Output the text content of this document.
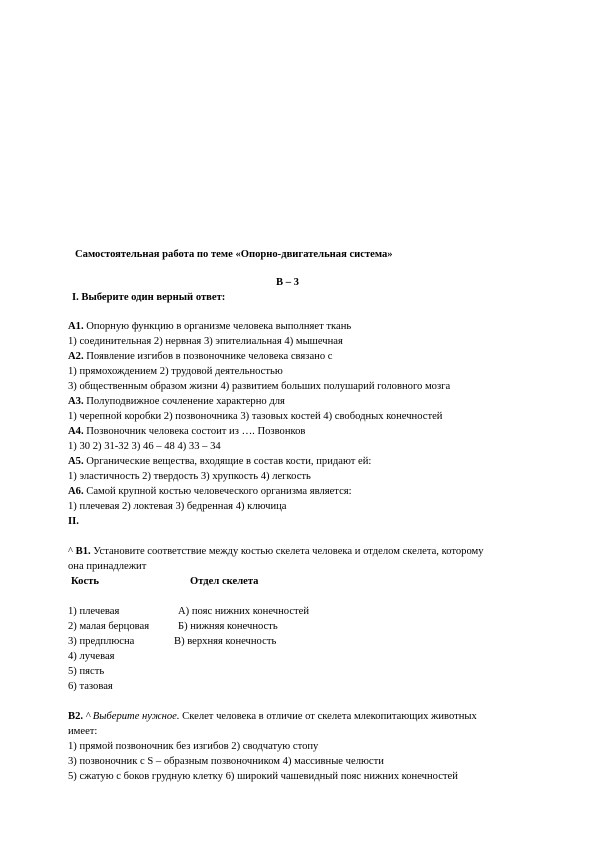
Самостоятельная работа по теме «Опорно-двигательная система»
В – 3
I. Выберите один верный ответ:
А1. Опорную функцию в организме человека выполняет ткань
1) соединительная 2) нервная 3) эпителиальная 4) мышечная
А2. Появление изгибов в позвоночнике человека связано с
1) прямохождением 2) трудовой деятельностью
3) общественным образом жизни 4) развитием больших полушарий головного мозга
А3. Полуподвижное сочленение характерно для
1) черепной коробки 2) позвоночника 3) тазовых костей 4) свободных конечностей
А4. Позвоночник человека состоит из …. Позвонков
1) 30 2) 31-32 3) 46 – 48 4) 33 – 34
А5. Органические вещества, входящие в состав кости, придают ей:
1) эластичность 2) твердость 3) хрупкость 4) легкость
А6. Самой крупной костью человеческого организма является:
1) плечевая 2) локтевая 3) бедренная 4) ключица
II.
^ В1. Установите соответствие между костью скелета человека и отделом скелета, которому
она принадлежит
Кость	Отдел скелета
1) плечевая
2) малая берцовая
3) предплюсна
4) лучевая
5) пясть
6) тазовая
А) пояс нижних конечностей
Б) нижняя конечность
В) верхняя конечность
В2. ^ Выберите нужное. Скелет человека в отличие от скелета млекопитающих животных
имеет:
1) прямой позвоночник без изгибов 2) сводчатую стопу
3) позвоночник с S – образным позвоночником 4) массивные челюсти
5) сжатую с боков грудную клетку 6) широкий чашевидный пояс нижних конечностей
